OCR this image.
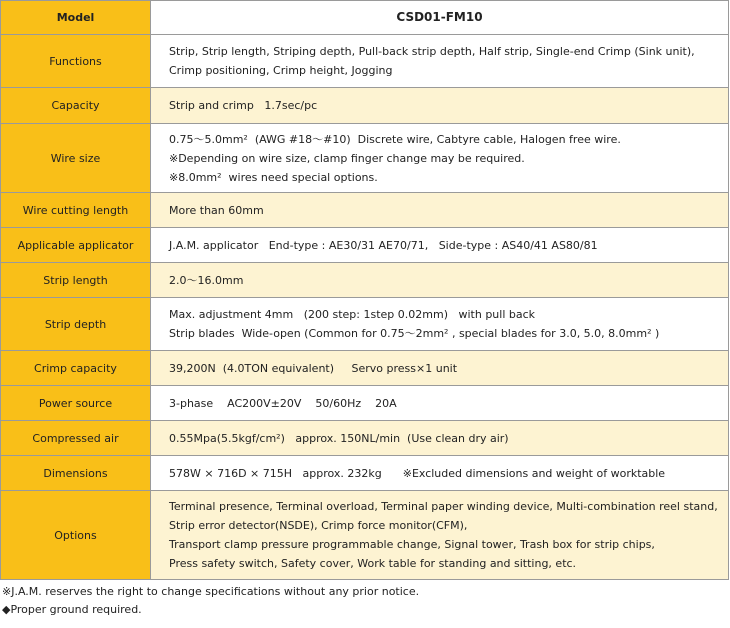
Model	CSD01-FM10
Functions	Strip, Strip length, Striping depth, Pull-back strip depth, Half strip, Single-end Crimp (Sink unit),
Crimp positioning, Crimp height, Jogging

Capacity	Strip and crimp   1.7sec/pc

Wire size	0.75～5.0mm²  (AWG #18～#10)  Discrete wire, Cabtyre cable, Halogen free wire.
※Depending on wire size, clamp finger change may be required.
※8.0mm²  wires need special options.

Wire cutting length	More than 60mm

Applicable applicator	J.A.M. applicator   End-type : AE30/31 AE70/71,   Side-type : AS40/41 AS80/81

Strip length	2.0～16.0mm

Strip depth	Max. adjustment 4mm   (200 step: 1step 0.02mm)   with pull back
Strip blades  Wide-open (Common for 0.75～2mm² , special blades for 3.0, 5.0, 8.0mm² )

Crimp capacity	39,200N  (4.0TON equivalent)     Servo press×1 unit

Power source	3-phase    AC200V±20V    50/60Hz    20A

Compressed air	0.55Mpa(5.5kgf/cm²)   approx. 150NL/min  (Use clean dry air)

Dimensions	578W × 716D × 715H   approx. 232kg      ※Excluded dimensions and weight of worktable

Options	Terminal presence, Terminal overload, Terminal paper winding device, Multi-combination reel stand,
Strip error detector(NSDE), Crimp force monitor(CFM),
Transport clamp pressure programmable change, Signal tower, Trash box for strip chips,
Press safety switch, Safety cover, Work table for standing and sitting, etc.
※J.A.M. reserves the right to change specifications without any prior notice.
◆Proper ground required.
